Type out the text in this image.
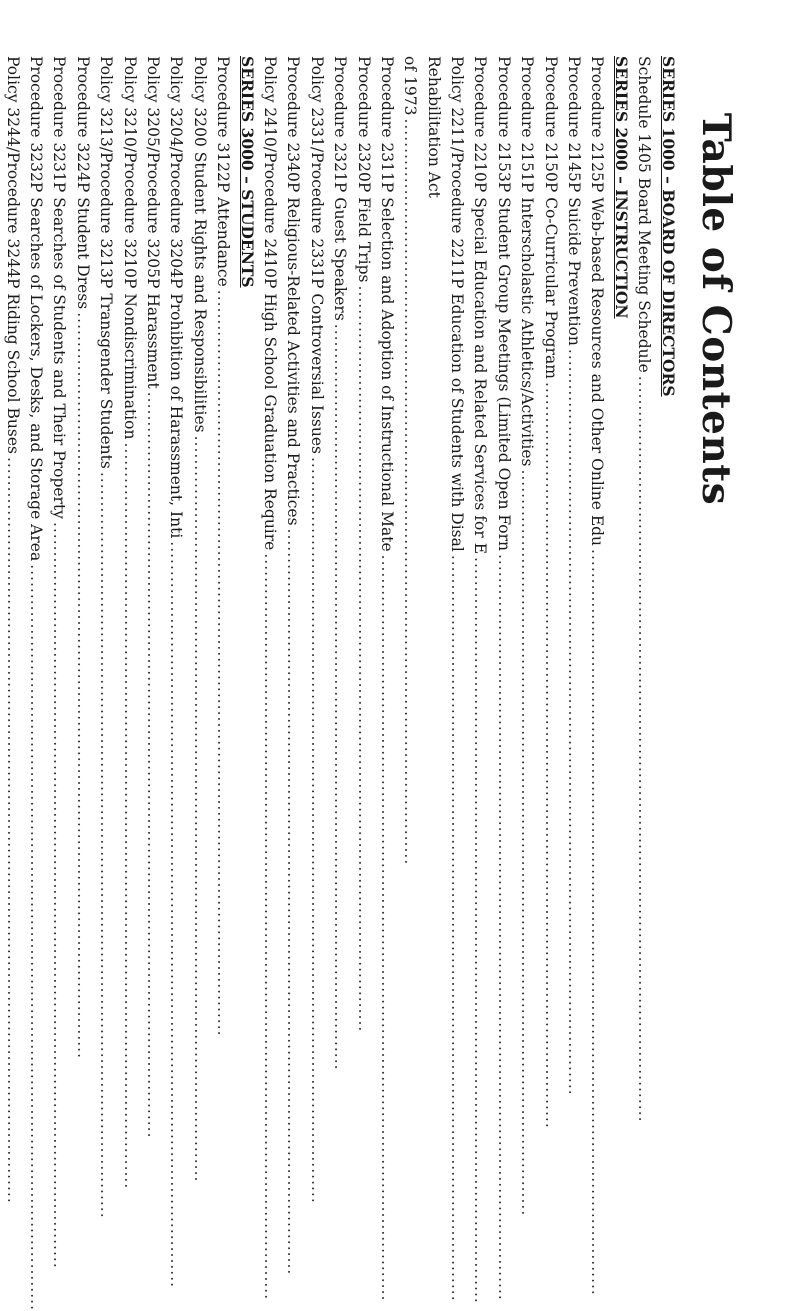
Table of Contents
SERIES 1000 – BOARD OF DIRECTORS
Schedule 1405 Board Meeting Schedule
..............................................................................................................................
SERIES 2000 – INSTRUCTION
Procedure 2125P Web-based Resources and Other Online Edu
..............................................................................................................................
Procedure 2145P Suicide Prevention
..............................................................................................................................
Procedure 2150P Co-Curricular Program
..............................................................................................................................
Procedure 2151P Interscholastic Athletics/Activities
..............................................................................................................................
Procedure 2153P Student Group Meetings (Limited Open Forn
..............................................................................................................................
Procedure 2210P Special Education and Related Services for E
..............................................................................................................................
Policy 2211/Procedure 2211P Education of Students with Disal
..............................................................................................................................
Rehabilitation Act
of 1973
..............................................................................................................................
Procedure 2311P Selection and Adoption of Instructional Mate
..............................................................................................................................
Procedure 2320P Field Trips
..............................................................................................................................
Procedure 2321P Guest Speakers
..............................................................................................................................
Policy 2331/Procedure 2331P Controversial Issues
..............................................................................................................................
Procedure 2340P Religious-Related Activities and Practices
..............................................................................................................................
Policy 2410/Procedure 2410P High School Graduation Require
..............................................................................................................................
SERIES 3000 – STUDENTS
Procedure 3122P Attendance
..............................................................................................................................
Policy 3200 Student Rights and Responsibilities
..............................................................................................................................
Policy 3204/Procedure 3204P Prohibition of Harassment, Inti
..............................................................................................................................
Policy 3205/Procedure 3205P Harassment
..............................................................................................................................
Policy 3210/Procedure 3210P Nondiscrimination
..............................................................................................................................
Policy 3213/Procedure 3213P Transgender Students
..............................................................................................................................
Procedure 3224P Student Dress
..............................................................................................................................
Procedure 3231P Searches of Students and Their Property
..............................................................................................................................
Procedure 3232P Searches of Lockers, Desks, and Storage Area
..............................................................................................................................
Policy 3244/Procedure 3244P Riding School Buses
..............................................................................................................................
